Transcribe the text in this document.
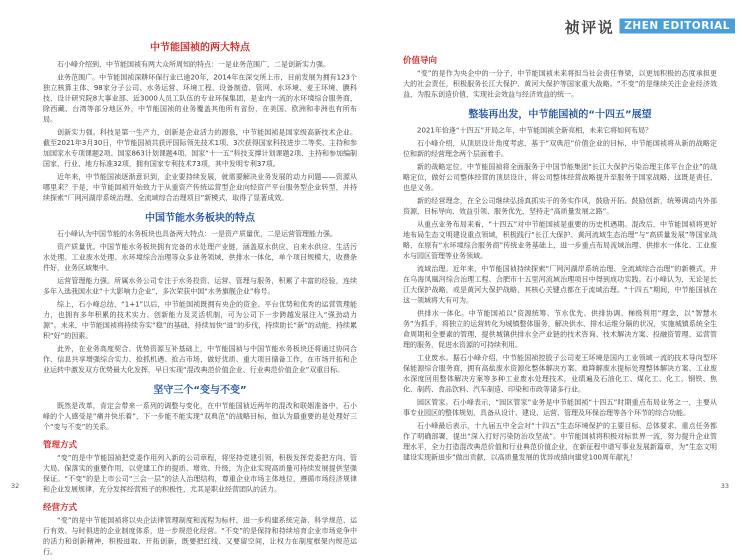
祯评说 ZHEN EDITORIAL
中节能国祯的两大特点

石小峰介绍到，中节能国祯有两大众所周知的特点：一是业务范围广，二是创新实力强。

业务范围广。中节能国祯深耕环保行业已逾20年，2014年在深交所上市，目前发展为拥有123个独立核算主体、98家分子公司、水务运营、环境工程、设备制造、管网、水环境、麦王环境、膜科技、设计研究院8大事业部、近3000人员工队伍的专业环保集团，是业内一流的水环境综合服务商，除西藏、台湾等部分地区外，中节能国祯的业务覆盖其他所有省份，在美国、欧洲和非洲也有所布局。

创新实力强。科技是第一生产力，创新是企业活力的源泉，中节能国祯是国家级高新技术企业。截至2021年3月30日，中节能国祯共获评国际领先技术1项、3次获得国家科技进步二等奖、主持和参加国家水专项课题2项、国家863计划课题4项、国家“十一五”科技支撑计划课题2项、主持和参加编制国家、行业、地方标准32项，拥有国家专利技术73项，其中发明专利37项。

近年来，中节能国祯逐渐意识到，企业要持续发展，就需要解决业务发展的动力问题——资源从哪里来？于是，中节能国祯开始致力于从重资产传统运营型企业向轻资产平台服务型企业转型，并持续探索“厂网河湖岸系统治理、全流域综合治理项目”新模式，取得了显著成效。

中国节能水务板块的特点

石小峰认为中国节能的水务板块也具备两大特点：一是资产质量优，二是运营管理能力强。

资产质量优。中国节能水务板块拥有完备的水处理产业链，涵盖原水供应、自来水供应、生活污水处理、工业废水处理、水环境综合治理等众多业务领域，供排水一体化，单个项目规模大，收费条件好，业务区域集中。

运营管理能力强。所属水务公司专注于水务投资、运营、管理与服务，积累了丰富的经验，连续多年入选我国水业“十大影响力企业”，多次荣获中国“水务旗舰企业”称号。

综上，石小峰总结，“1+1”以后，中节能国祯既拥有央企的资金、平台优势和优秀的运营管理能力，也拥有多年积累的技术实力、创新能力及灵活机制，可为公司下一步跨越发展注入“强劲动力源”。未来，中节能国祯将持续夯实“稳”的基础，持续加快“进”的步伐，持续助长“新”的动能，持续累积“好”的因素。

此外，在业务高度契合、优势资源互补基础上，中节能国祯与中国节能水务板块还将通过协同合作、信息共享增强综合实力、抢抓机遇、抢占市场，做好优质、重大项目储备工作，在市场开拓和企业运转中激发双方优势最大化发挥，早日实现“混改典范价值企业、行业典范价值企业”双重目标。

坚守三个“变与不变”

既然是改革，肯定会带来一系列的调整与变化，在中节能国祯近两年的混改和联姻准备中，石小峰的个人感受是“痛并快乐着”，下一步能不能实现“双典范”的战略目标，他认为最重要的是处理好三个“变与不变”的关系。

管理方式

“变”的是中节能国祯把党委作用列入新的公司章程，将坚持党建引领，积极发挥党委把方向、管大局、保落实的重要作用，以党建工作的提质、增效、升级，为企业实现高质量可持续发展提供坚强保证。“不变”的是上市公司“三会一层”的法人治理结构，尊重企业市场主体地位，遵循市场经济规律和企业发展规律，充分发挥经营班子的积极性，尤其是职业经营团队的活力。

经营方式

“变”的是中节能国祯将以央企法律管理制度和流程为标杆，进一步构建系统完备、科学规范、运行有效、与时俱进的企业制度体系，进一步规范化经营。“不变”的是保持和持续培育企业市场竞争中的活力和创新精神，积极进取、开拓创新，既要把红线、又要留空间，让权力在制度框架内规范运行。

价值导向

“变”的是作为央企中的一分子，中节能国祯未来将担当社会责任脊梁，以更加积极的态度承担更大的社会责任，积极服务长江大保护、黄河大保护等国家重大战略。“不变”的是继续关注企业经济效益，为股东创造价值，实现社会效益与经济效益的统一。

整装再出发，中节能国祯的“十四五”展望

2021年恰逢“十四五”开局之年，中节能国祯全新亮相，未来它将如何布局？

石小峰介绍，从顶层设计角度考虑，基于“双典范”价值企业的目标，中节能国祯将从新的战略定位和新的经营理念两个层面着手。

新的战略定位，中节能国祯将全面服务于中国节能集团“长江大保护污染治理主体平台企业”的战略定位，做好公司整体经营的顶层设计，将公司整体经营战略提升至服务于国家战略，这既是责任，也是义务。

新的经营理念，在全公司继续弘扬真抓实干的务实作风，鼓励开拓、鼓励创新，统筹调动内外部资源，目标导向、效益引领、服务优先，坚持走“高质量发展之路”。

从重点业务布局来看，“十四五”对中节能国祯是重要的历史机遇期。混改后，中节能国祯将更好地布局生态文明建设重点领域，积极践行“长江大保护、黄河流域生态治理”与“高质量发展”等国家战略，在原有“水环境综合服务商”传统业务基础上，进一步重点布局流域治理、供排水一体化、工业废水与园区管理等业务领域。

流域治理。近年来，中节能国祯持续探索“厂网河湖岸系统治理、全流域综合治理”的新模式，并在乌海凤凰河综合治理工程、合肥市十五里河流域治理项目中得到成功实践。石小峰认为，无论是长江大保护战略，或是黄河大保护战略，其核心关键点都在于流域治理。“十四五”期间，中节能国祯在这一领域将大有可为。

供排水一体化。中节能国祯以“资源统筹、节水优先、供排协调、梯级利用”理念，以“智慧水务”为抓手，将独立的运营转化为城镇整体服务，解决供水、排水运维分隔的状况，实施城镇系统全生命周期和全要素的管理，提供城镇供排水全产业链的技术咨询、技术解决方案、投融资管理、运营管理的服务，促进水资源的可持续利用。

工业废水。据石小峰介绍，中节能国祯控股子公司麦王环境是国内工业领域一流的技术导向型环保能源综合服务商，拥有高盐废水资源化整体解决方案、难降解废水提标处理整体解决方案、工业废水深度回用整体解决方案等多种工业废水处理技术，业绩遍及石油化工、煤化工、化工、钢铁、焦化、制药、食品饮料、汽车制造、印染和市政等诸多行业。

园区管家。石小峰表示，“园区管家”业务是中节能国祯“十四五”时期重点布局业务之一，主要从事专业园区的整体规划，具备从设计、建设、运营、管理及环保治理等各个环节的综合功能。

石小峰最后表示，十九届五中全会对“十四五”生态环境保护的主要目标、总体要求、重点任务都作了明确部署，提出“深入打好污染防治攻坚战”。中节能国祯将积极对标世界一流，努力提升企业管理水平，全力打造混改典范价值和行业典范价值企业，在新征程中谱写事业发展新篇章，为“生态文明建设实现新进步”做出贡献，以高质量发展的优异成绩向建党100周年献礼！

32	33
